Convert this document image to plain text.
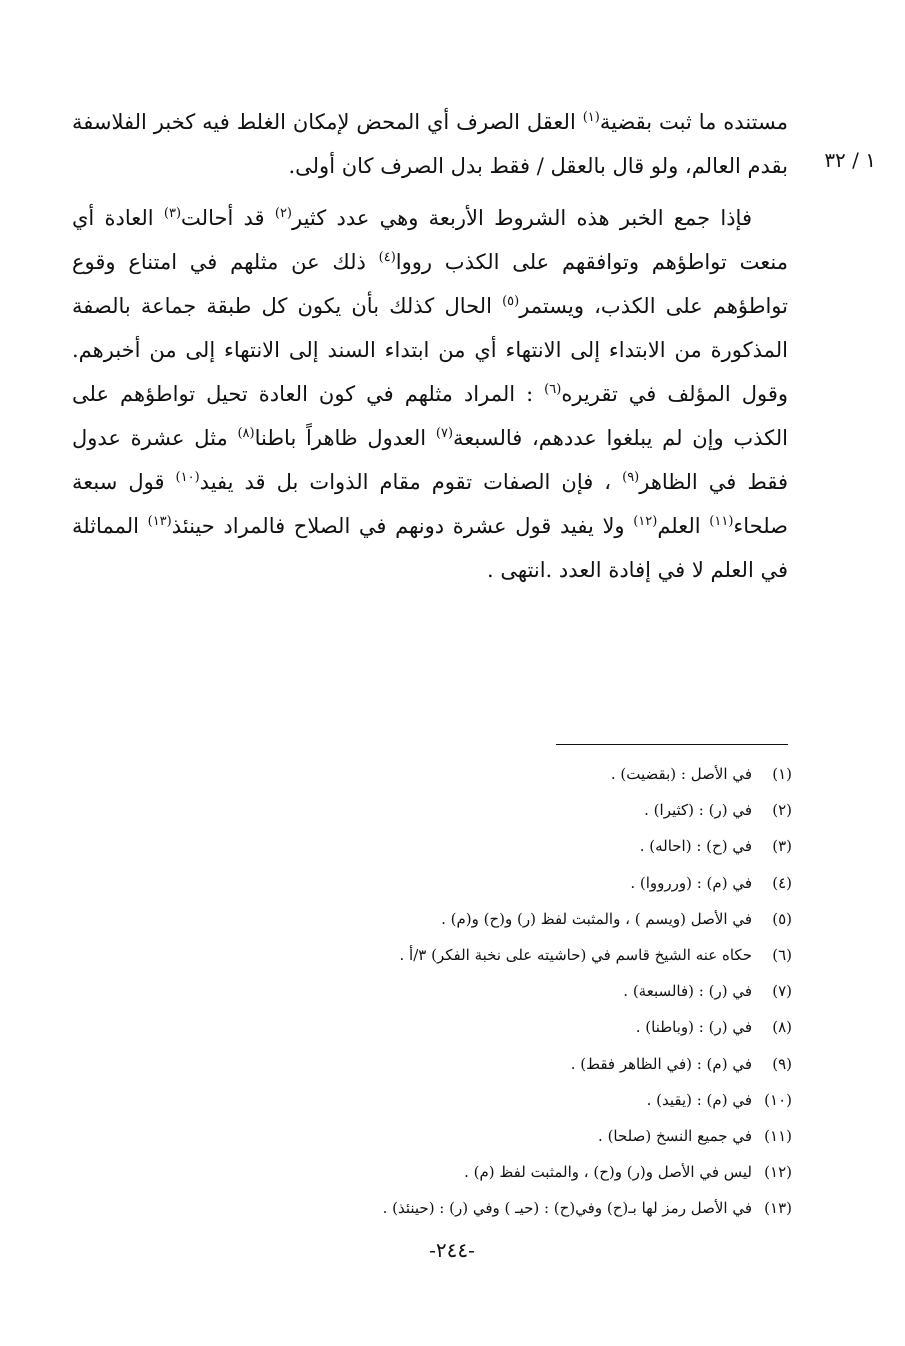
١ / ٣٢

مستنده ما ثبت بقضية$^{(١)}$ العقل الصرف أي المحض لإمكان الغلط فيه كخبر الفلاسفة بقدم العالم، ولو قال بالعقل / فقط بدل الصرف كان أولى.

فإذا جمع الخبر هذه الشروط الأربعة وهي عدد كثير$^{(٢)}$ قد أحالت$^{(٣)}$ العادة أي منعت تواطؤهم وتوافقهم على الكذب رووا$^{(٤)}$ ذلك عن مثلهم في امتناع وقوع تواطؤهم على الكذب، ويستمر$^{(٥)}$ الحال كذلك بأن يكون كل طبقة جماعة بالصفة المذكورة من الابتداء إلى الانتهاء أي من ابتداء السند إلى الانتهاء إلى من أخبرهم. وقول المؤلف في تقريره$^{(٦)}$ : المراد مثلهم في كون العادة تحيل تواطؤهم على الكذب وإن لم يبلغوا عددهم، فالسبعة$^{(٧)}$ العدول ظاهراً باطنا$^{(٨)}$ مثل عشرة عدول فقط في الظاهر$^{(٩)}$ ، فإن الصفات تقوم مقام الذوات بل قد يفيد$^{(١٠)}$ قول سبعة صلحاء$^{(١١)}$ العلم$^{(١٢)}$ ولا يفيد قول عشرة دونهم في الصلاح فالمراد حينئذ$^{(١٣)}$ المماثلة في العلم لا في إفادة العدد .انتهى .

(١)
في الأصل : (بقضيت) .
(٢)
في (ر) : (كثيرا) .
(٣)
في (ح) : (احاله) .
(٤)
في (م) : (وررووا) .
(٥)
في الأصل (ويسم ) ، والمثبت لفظ (ر) و(ح) و(م) .
(٦)
حكاه عنه الشيخ قاسم في (حاشيته على نخبة الفكر) ٣/أ .
(٧)
في (ر) : (فالسبعة) .
(٨)
في (ر) : (وباطنا) .
(٩)
في (م) : (في الظاهر فقط) .
(١٠)
في (م) : (يقيد) .
(١١)
في جميع النسخ (صلحا) .
(١٢)
ليس في الأصل و(ر) و(ح) ، والمثبت لفظ (م) .
(١٣)
في الأصل رمز لها بـ(ح) وفي(ح) : (حيـ ) وفي (ر) : (حينئذ) .
-٢٤٤-
